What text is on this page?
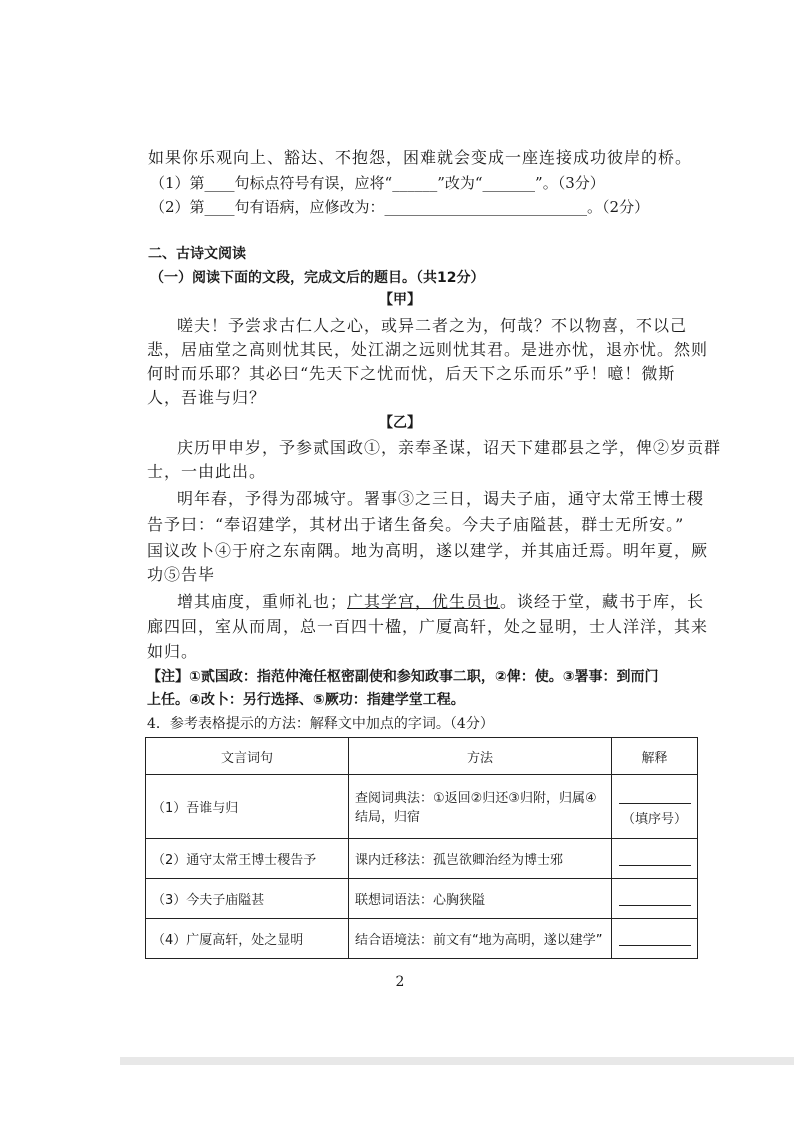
如果你乐观向上、豁达、不抱怨，困难就会变成一座连接成功彼岸的桥。
（1）第____句标点符号有误，应将“______”改为“_______”。（3分）
（2）第____句有语病，应修改为：___________________________。（2分）
二、古诗文阅读
（一）阅读下面的文段，完成文后的题目。（共12分）
【甲】
嗟夫！予尝求古仁人之心，或异二者之为，何哉？不以物喜，不以己
悲，居庙堂之高则忧其民，处江湖之远则忧其君。是进亦忧，退亦忧。然则
何时而乐耶？其必曰“先天下之忧而忧，后天下之乐而乐”乎！噫！微斯
人，吾谁与归？
【乙】
庆历甲申岁，予参贰国政①，亲奉圣谋，诏天下建郡县之学，俾②岁贡群
士，一由此出。
明年春，予得为邵城守。署事③之三日，谒夫子庙，通守太常王博士稷
告予曰：“奉诏建学，其材出于诸生备矣。今夫子庙隘甚，群士无所安。”
国议改卜④于府之东南隅。地为高明，遂以建学，并其庙迁焉。明年夏，厥
功⑤告毕
增其庙度，重师礼也；广其学宫，优生员也。谈经于堂，藏书于库，长
廊四回，室从而周，总一百四十楹，广厦高轩，处之显明，士人洋洋，其来
如归。
【注】①贰国政：指范仲淹任枢密副使和参知政事二职，②俾：使。③署事：到而门
上任。④改卜：另行选择、⑤厥功：指建学堂工程。
4．参考表格提示的方法：解释文中加点的字词。（4分）
文言词句	方法	解释
（1）吾谁与归	查阅词典法：①返回②归还③归附，归属④结局，归宿	（填序号）

（2）通守太常王博士稷告予	课内迁移法：孤岂欲卿治经为博士邪	

（3）今夫子庙隘甚	联想词语法：心胸狭隘	

（4）广厦高轩，处之显明	结合语境法：前文有“地为高明，遂以建学”	
2
